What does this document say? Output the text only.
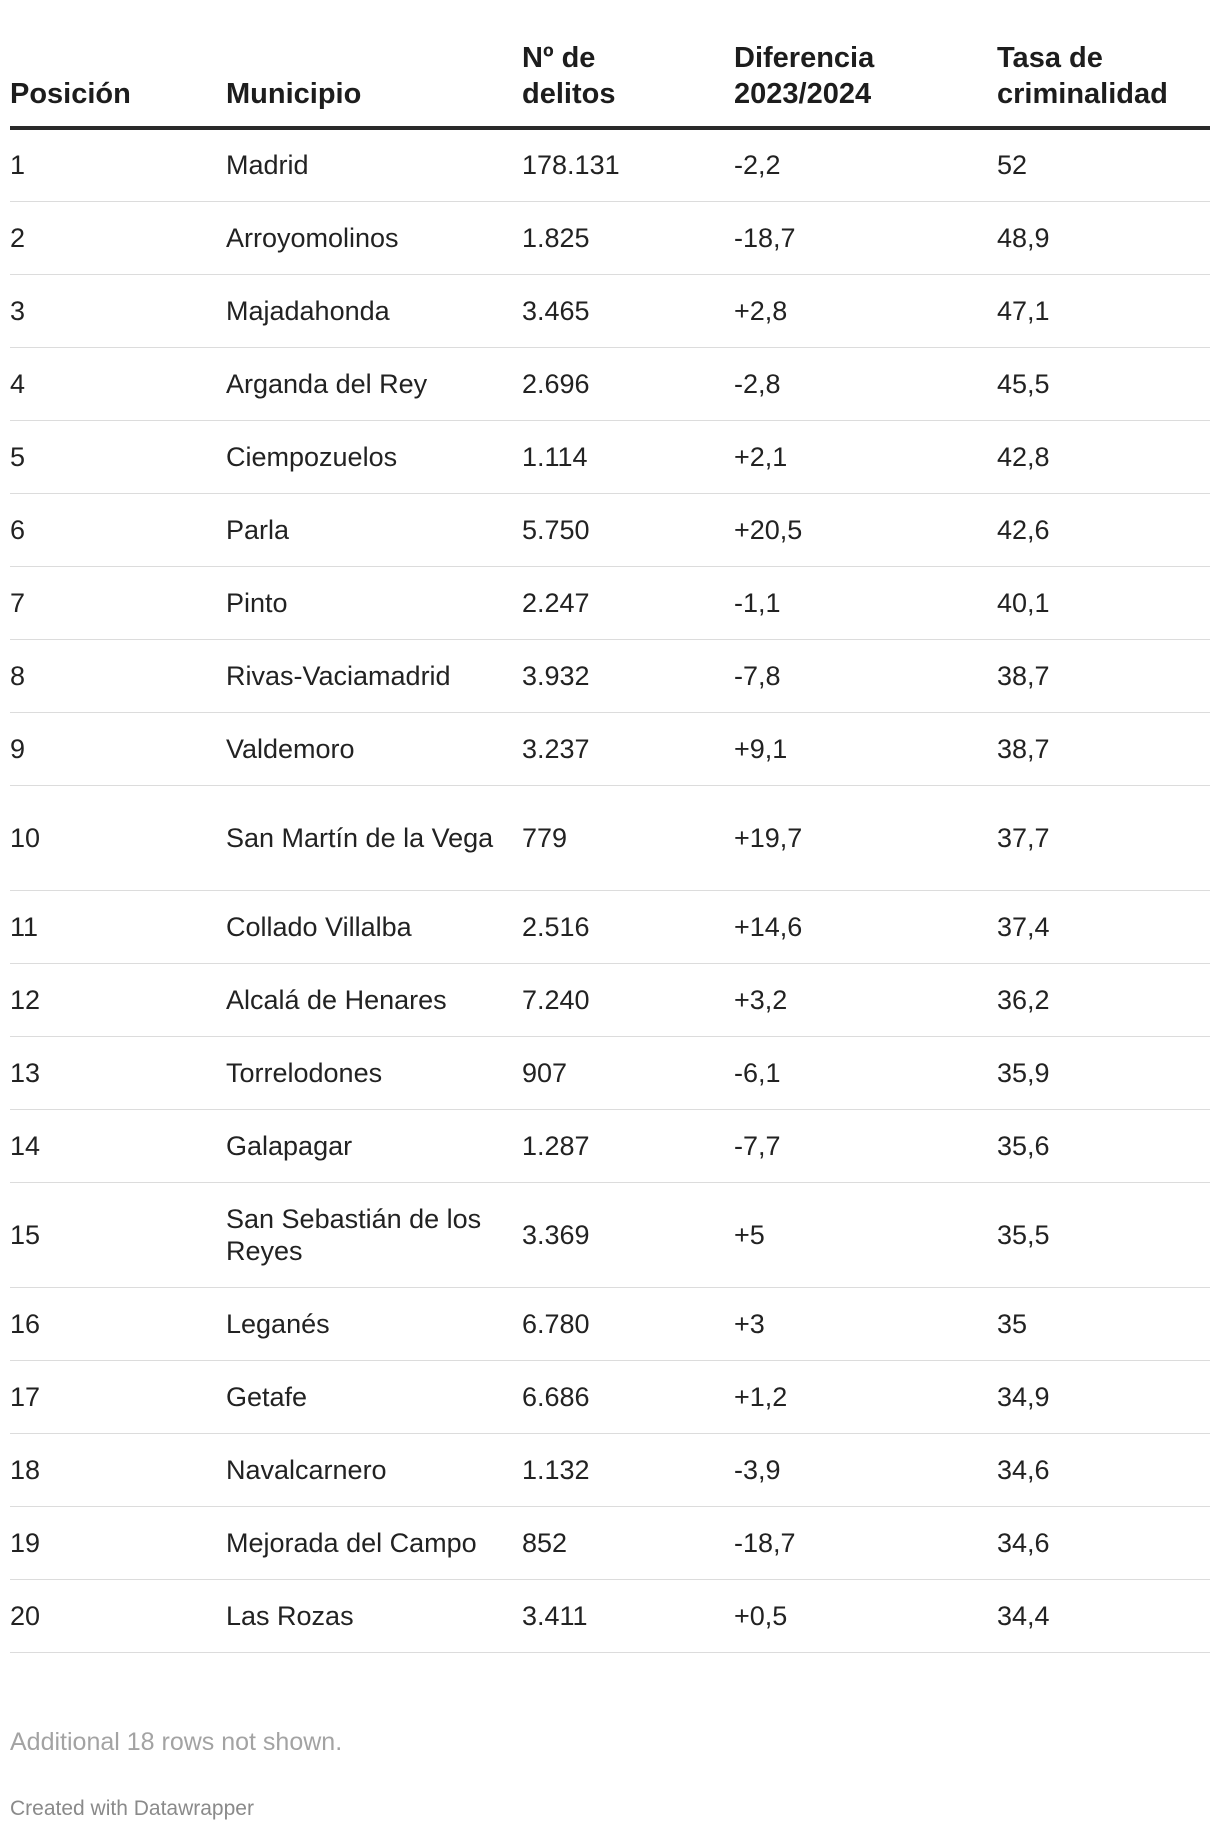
Posición	Municipio	Nº de delitos	Diferencia 2023/2024	Tasa de criminalidad
1	Madrid	178.131	-2,2	52
2	Arroyomolinos	1.825	-18,7	48,9
3	Majadahonda	3.465	+2,8	47,1
4	Arganda del Rey	2.696	-2,8	45,5
5	Ciempozuelos	1.114	+2,1	42,8
6	Parla	5.750	+20,5	42,6
7	Pinto	2.247	-1,1	40,1
8	Rivas-Vaciamadrid	3.932	-7,8	38,7
9	Valdemoro	3.237	+9,1	38,7
10	San Martín de la Vega	779	+19,7	37,7
11	Collado Villalba	2.516	+14,6	37,4
12	Alcalá de Henares	7.240	+3,2	36,2
13	Torrelodones	907	-6,1	35,9
14	Galapagar	1.287	-7,7	35,6
15	San Sebastián de los Reyes	3.369	+5	35,5
16	Leganés	6.780	+3	35
17	Getafe	6.686	+1,2	34,9
18	Navalcarnero	1.132	-3,9	34,6
19	Mejorada del Campo	852	-18,7	34,6
20	Las Rozas	3.411	+0,5	34,4
Additional 18 rows not shown.
Created with Datawrapper
